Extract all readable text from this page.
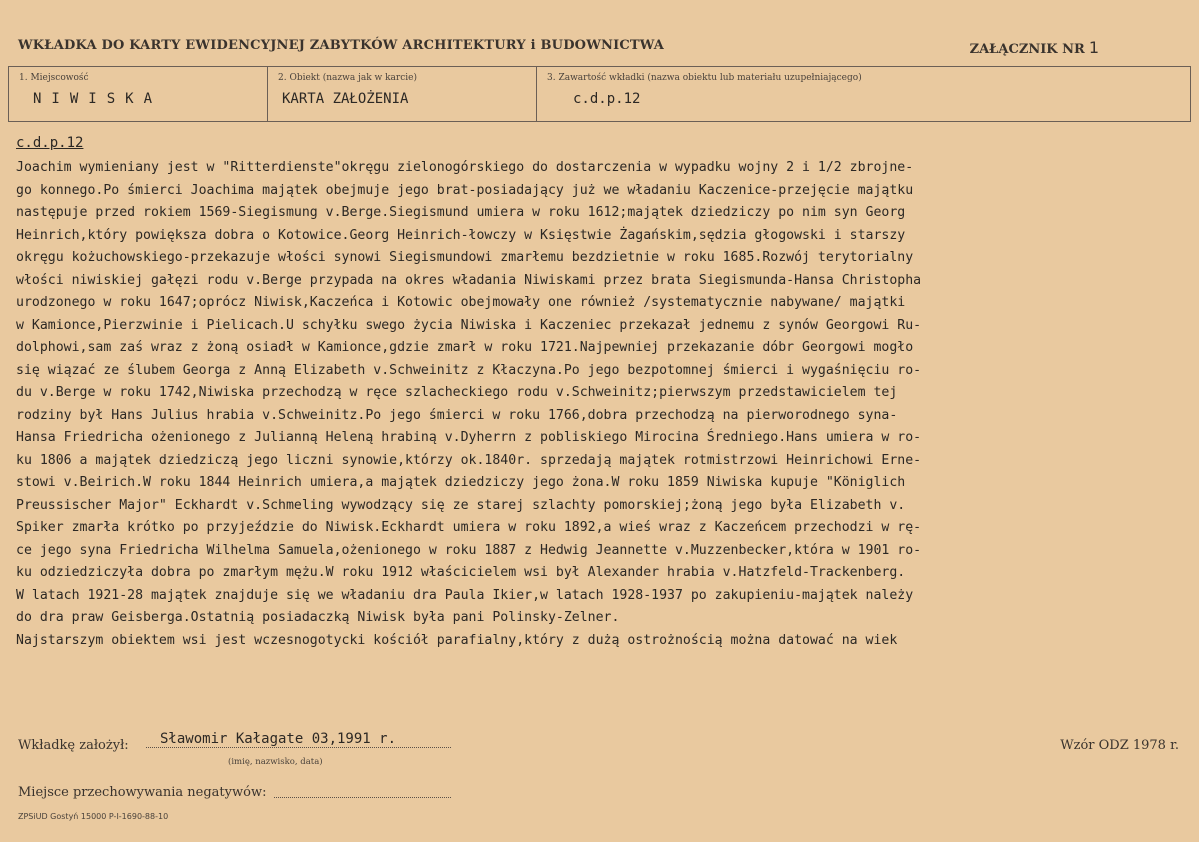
WKŁADKA DO KARTY EWIDENCYJNEJ ZABYTKÓW ARCHITEKTURY i BUDOWNICTWA	ZAŁĄCZNIK NR 1
1. Miejscowość
NIWISKA
2. Obiekt (nazwa jak w karcie)
KARTA ZAŁOŻENIA
3. Zawartość wkładki (nazwa obiektu lub materiału uzupełniającego)
c.d.p.12
c.d.p.12
Joachim wymieniany jest w "Ritterdienste"okręgu zielonogórskiego do dostarczenia w wypadku wojny 2 i 1/2 zbrojne-
go konnego.Po śmierci Joachima majątek obejmuje jego brat-posiadający już we władaniu Kaczenice-przejęcie majątku
następuje przed rokiem 1569-Siegismung v.Berge.Siegismund umiera w roku 1612;majątek dziedziczy po nim syn Georg
Heinrich,który powiększa dobra o Kotowice.Georg Heinrich-łowczy w Księstwie Żagańskim,sędzia głogowski i starszy
okręgu kożuchowskiego-przekazuje włości synowi Siegismundowi zmarłemu bezdzietnie w roku 1685.Rozwój terytorialny
włości niwiskiej gałęzi rodu v.Berge przypada na okres władania Niwiskami przez brata Siegismunda-Hansa Christopha
urodzonego w roku 1647;oprócz Niwisk,Kaczeńca i Kotowic obejmowały one również /systematycznie nabywane/ majątki
w Kamionce,Pierzwinie i Pielicach.U schyłku swego życia Niwiska i Kaczeniec przekazał jednemu z synów Georgowi Ru-
dolphowi,sam zaś wraz z żoną osiadł w Kamionce,gdzie zmarł w roku 1721.Najpewniej przekazanie dóbr Georgowi mogło
się wiązać ze ślubem Georga z Anną Elizabeth v.Schweinitz z Kłaczyna.Po jego bezpotomnej śmierci i wygaśnięciu ro-
du v.Berge w roku 1742,Niwiska przechodzą w ręce szlacheckiego rodu v.Schweinitz;pierwszym przedstawicielem tej
rodziny był Hans Julius hrabia v.Schweinitz.Po jego śmierci w roku 1766,dobra przechodzą na pierworodnego syna-
Hansa Friedricha ożenionego z Julianną Heleną hrabiną v.Dyherrn z pobliskiego Mirocina Średniego.Hans umiera w ro-
ku 1806 a majątek dziedziczą jego liczni synowie,którzy ok.1840r. sprzedają majątek rotmistrzowi Heinrichowi Erne-
stowi v.Beirich.W roku 1844 Heinrich umiera,a majątek dziedziczy jego żona.W roku 1859 Niwiska kupuje "Königlich
Preussischer Major" Eckhardt v.Schmeling wywodzący się ze starej szlachty pomorskiej;żoną jego była Elizabeth v.
Spiker zmarła krótko po przyjeździe do Niwisk.Eckhardt umiera w roku 1892,a wieś wraz z Kaczeńcem przechodzi w rę-
ce jego syna Friedricha Wilhelma Samuela,ożenionego w roku 1887 z Hedwig Jeannette v.Muzzenbecker,która w 1901 ro-
ku odziedziczyła dobra po zmarłym mężu.W roku 1912 właścicielem wsi był Alexander hrabia v.Hatzfeld-Trackenberg.
W latach 1921-28 majątek znajduje się we władaniu dra Paula Ikier,w latach 1928-1937 po zakupieniu-majątek należy
do dra praw Geisberga.Ostatnią posiadaczką Niwisk była pani Polinsky-Zelner.
Najstarszym obiektem wsi jest wczesnogotycki kościół parafialny,który z dużą ostrożnością można datować na wiek
Wkładkę założył: Sławomir Kałagate 03,1991 r.
(imię, nazwisko, data)
Wzór ODZ 1978 r.
Miejsce przechowywania negatywów:
ZPSiUD Gostyń 15000 P-I-1690-88-10
